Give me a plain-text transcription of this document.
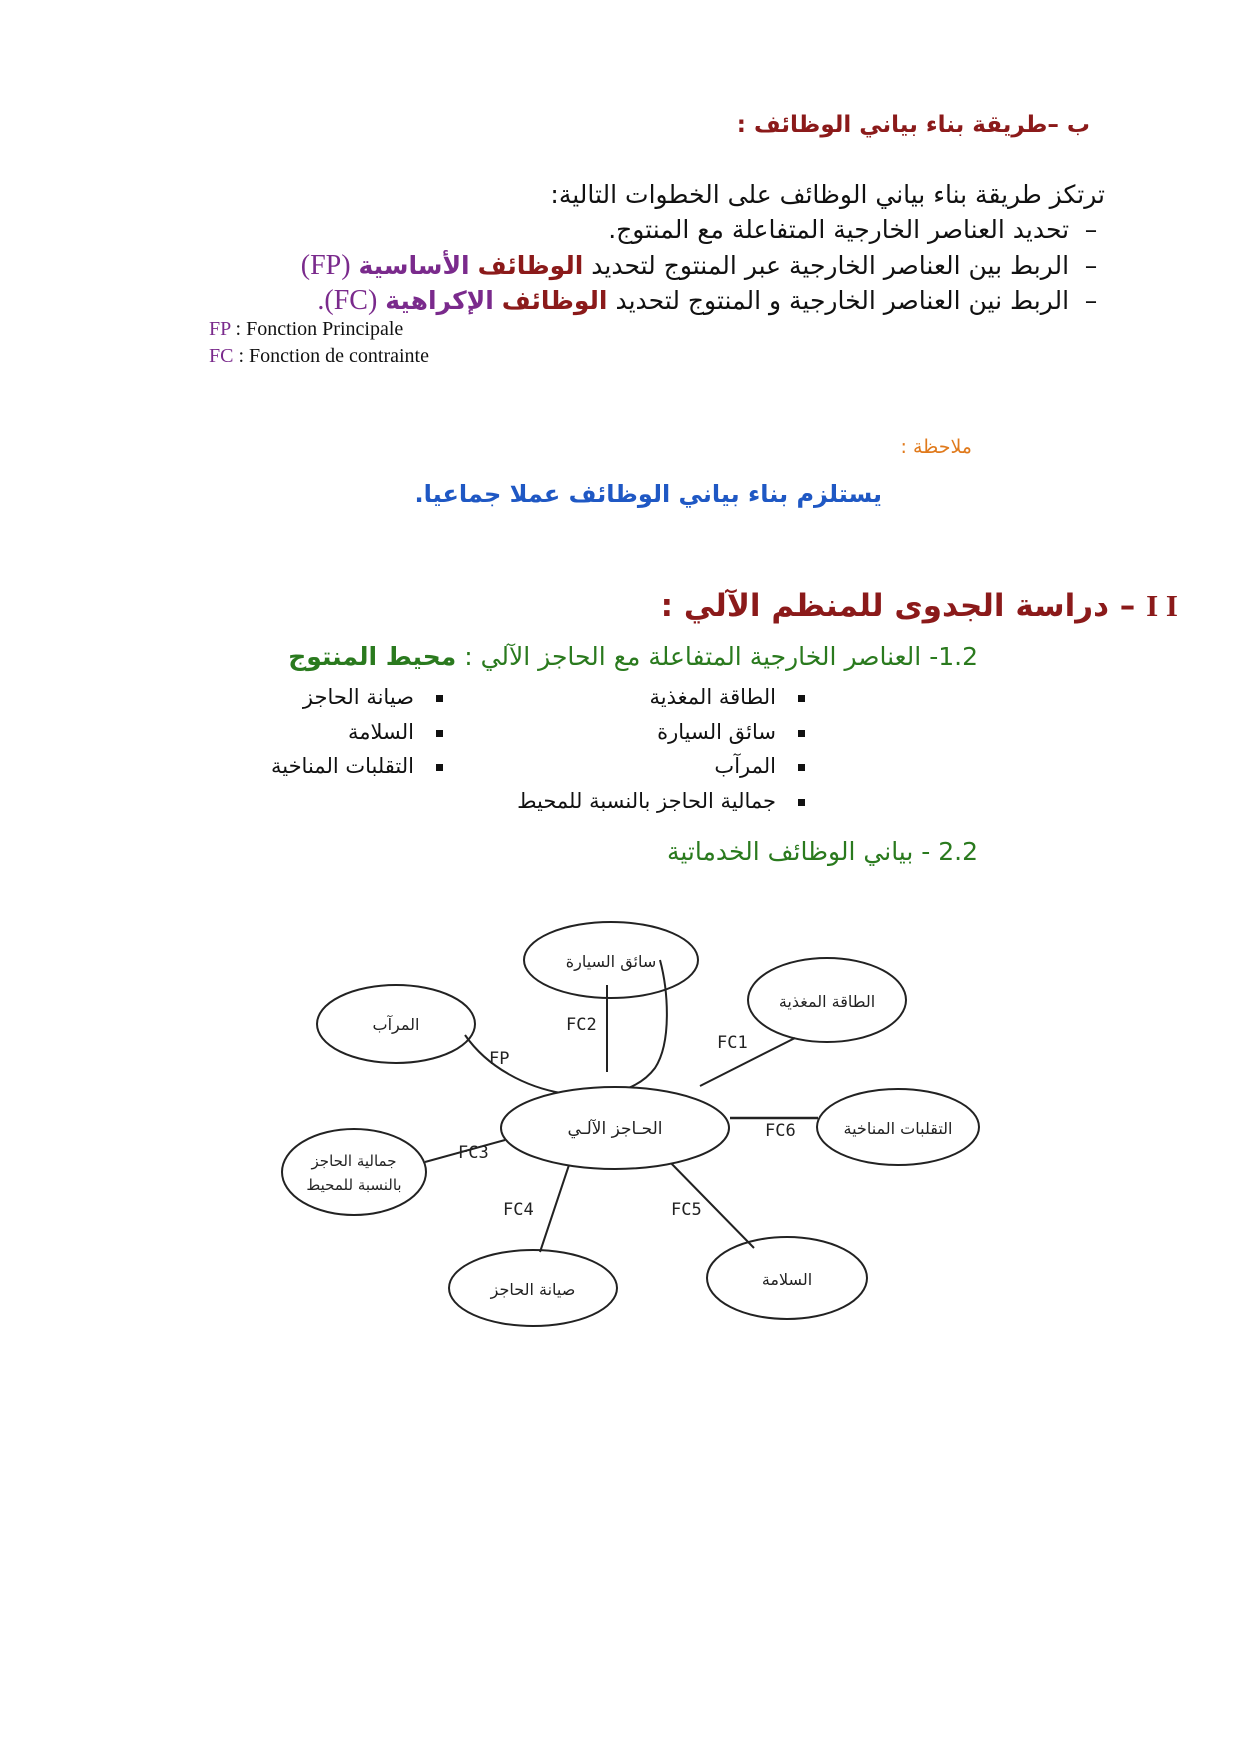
ب –طريقة بناء بياني الوظائف :
ترتكز طريقة بناء بياني الوظائف على الخطوات التالية:
– تحديد العناصر الخارجية المتفاعلة مع المنتوج.
– الربط بين العناصر الخارجية عبر المنتوج لتحديد الوظائف الأساسية (FP)
– الربط نين العناصر الخارجية و المنتوج لتحديد الوظائف الإكراهية (FC).
FP : Fonction Principale
FC : Fonction de contrainte
ملاحظة :
يستلزم بناء بياني الوظائف عملا جماعيا.
I I – دراسة الجدوى للمنظم الآلي :
1.2- العناصر الخارجية المتفاعلة مع الحاجز الآلي : محيط المنتوج
الطاقة المغذية
سائق السيارة
المرآب
جمالية الحاجز بالنسبة للمحيط
صيانة الحاجز
السلامة
التقلبات المناخية
2.2 - بياني الوظائف الخدماتية
سائق السيارة
المرآب
الطاقة المغذية
الحـاجز الآلـي	التقلبات المناخية
جمالية الحاجز
بالنسبة للمحيط
صيانة الحاجز
السلامة
FP
FC1
FC2
FC3
FC4	FC5
FC6
